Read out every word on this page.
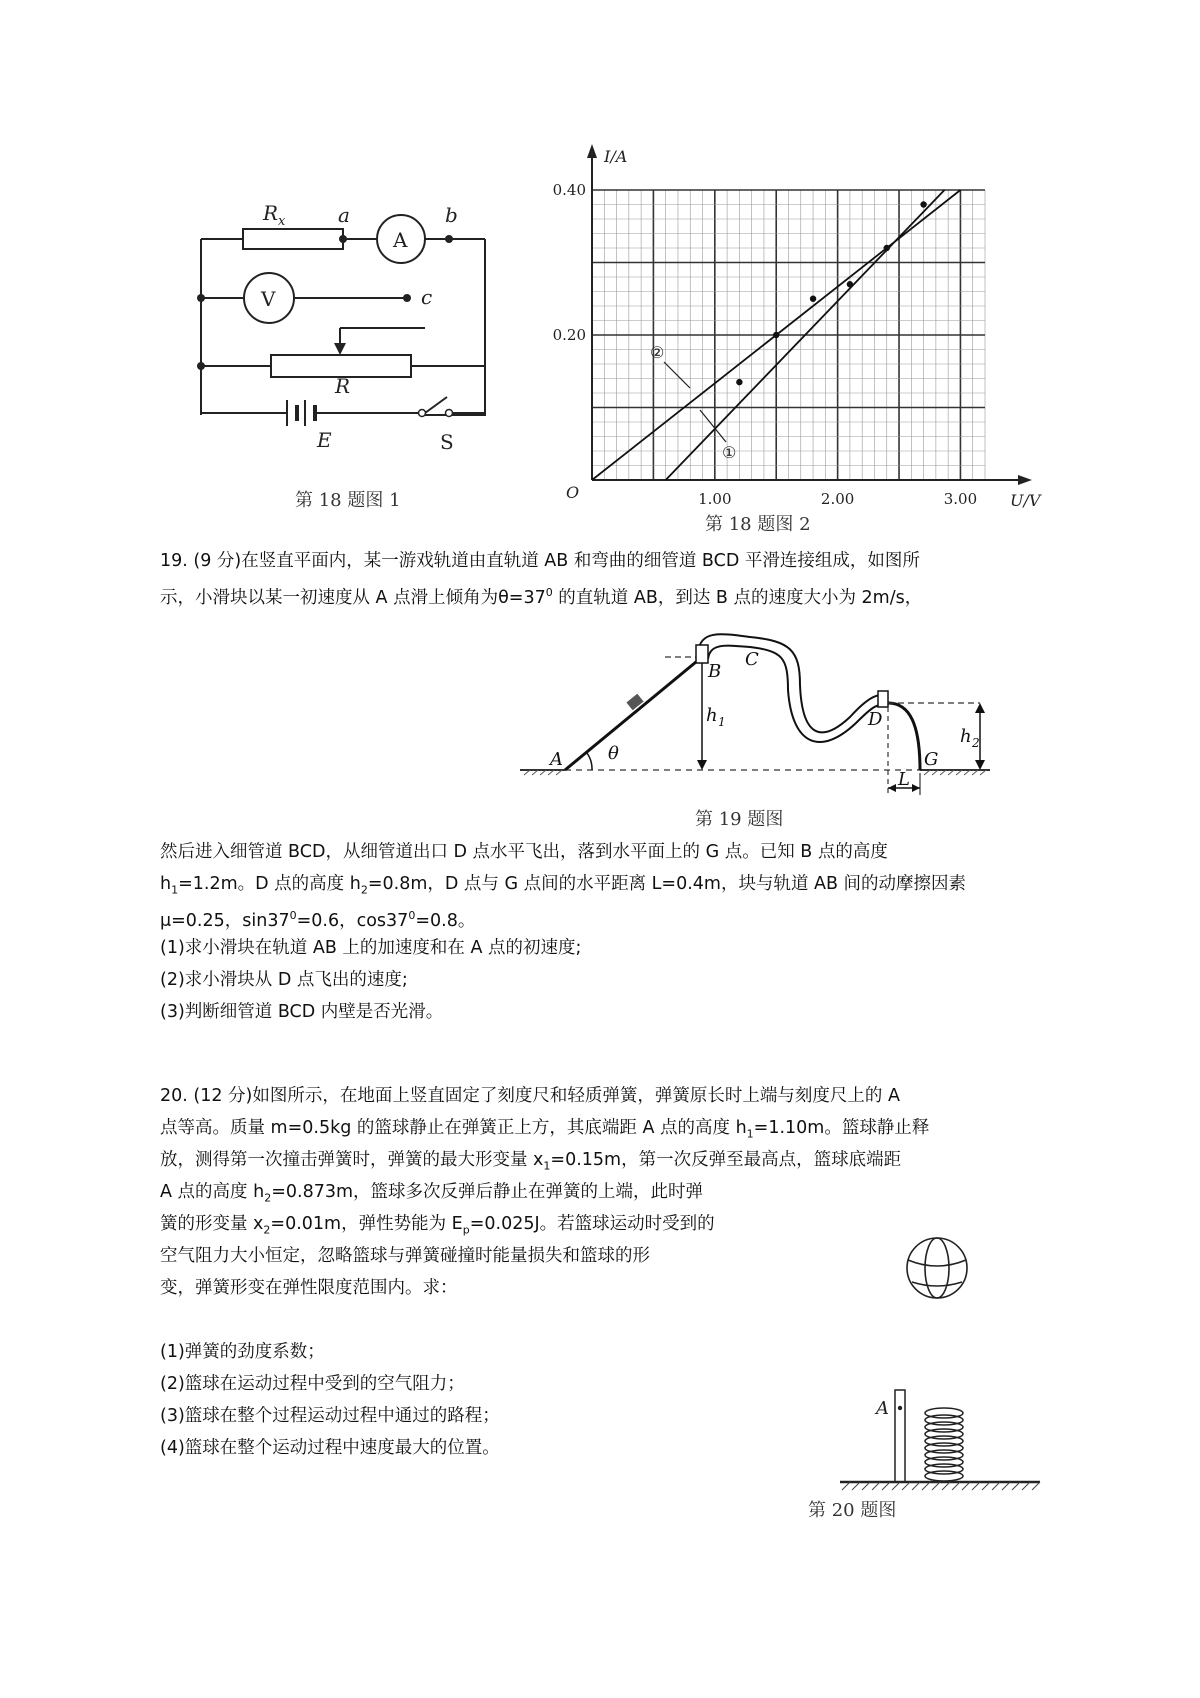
R x	a	b
c
R
E
A
V
S
第 18 题图 1
0.40
0.20
1.00	2.00	3.00
I/A
U/V
O
②
①
第 18 题图 2
19. (9 分)在竖直平面内，某一游戏轨道由直轨道 AB 和弯曲的细管道 BCD 平滑连接组成，如图所
示，小滑块以某一初速度从 A 点滑上倾角为$\theta=37^0$ 的直轨道 AB，到达 B 点的速度大小为 2m/s，
A
B
C
D
G
θ
h 1
h 2
L
第 19 题图
然后进入细管道 BCD，从细管道出口 D 点水平飞出，落到水平面上的 G 点。已知 B 点的高度
$h_1=1.2m$。D 点的高度 $h_2=0.8m$，D 点与 G 点间的水平距离 L=0.4m，块与轨道 AB 间的动摩擦因素
μ=0.25，$\sin 37^0=0.6$，$\cos 37^0=0.8$。
(1)求小滑块在轨道 AB 上的加速度和在 A 点的初速度;
(2)求小滑块从 D 点飞出的速度;
(3)判断细管道 BCD 内壁是否光滑。
20. (12 分)如图所示，在地面上竖直固定了刻度尺和轻质弹簧，弹簧原长时上端与刻度尺上的 A
点等高。质量 m=0.5kg 的篮球静止在弹簧正上方，其底端距 A 点的高度 $h_1=1.10m$。篮球静止释
放，测得第一次撞击弹簧时，弹簧的最大形变量 $x_1=0.15m$，第一次反弹至最高点，篮球底端距
A 点的高度 $h_2=0.873m$，篮球多次反弹后静止在弹簧的上端，此时弹
簧的形变量 $x_2=0.01m$，弹性势能为 $E_p=0.025J$。若篮球运动时受到的
空气阻力大小恒定，忽略篮球与弹簧碰撞时能量损失和篮球的形
变，弹簧形变在弹性限度范围内。求：
(1)弹簧的劲度系数；
(2)篮球在运动过程中受到的空气阻力；
(3)篮球在整个过程运动过程中通过的路程；
(4)篮球在整个运动过程中速度最大的位置。
A
第 20 题图
